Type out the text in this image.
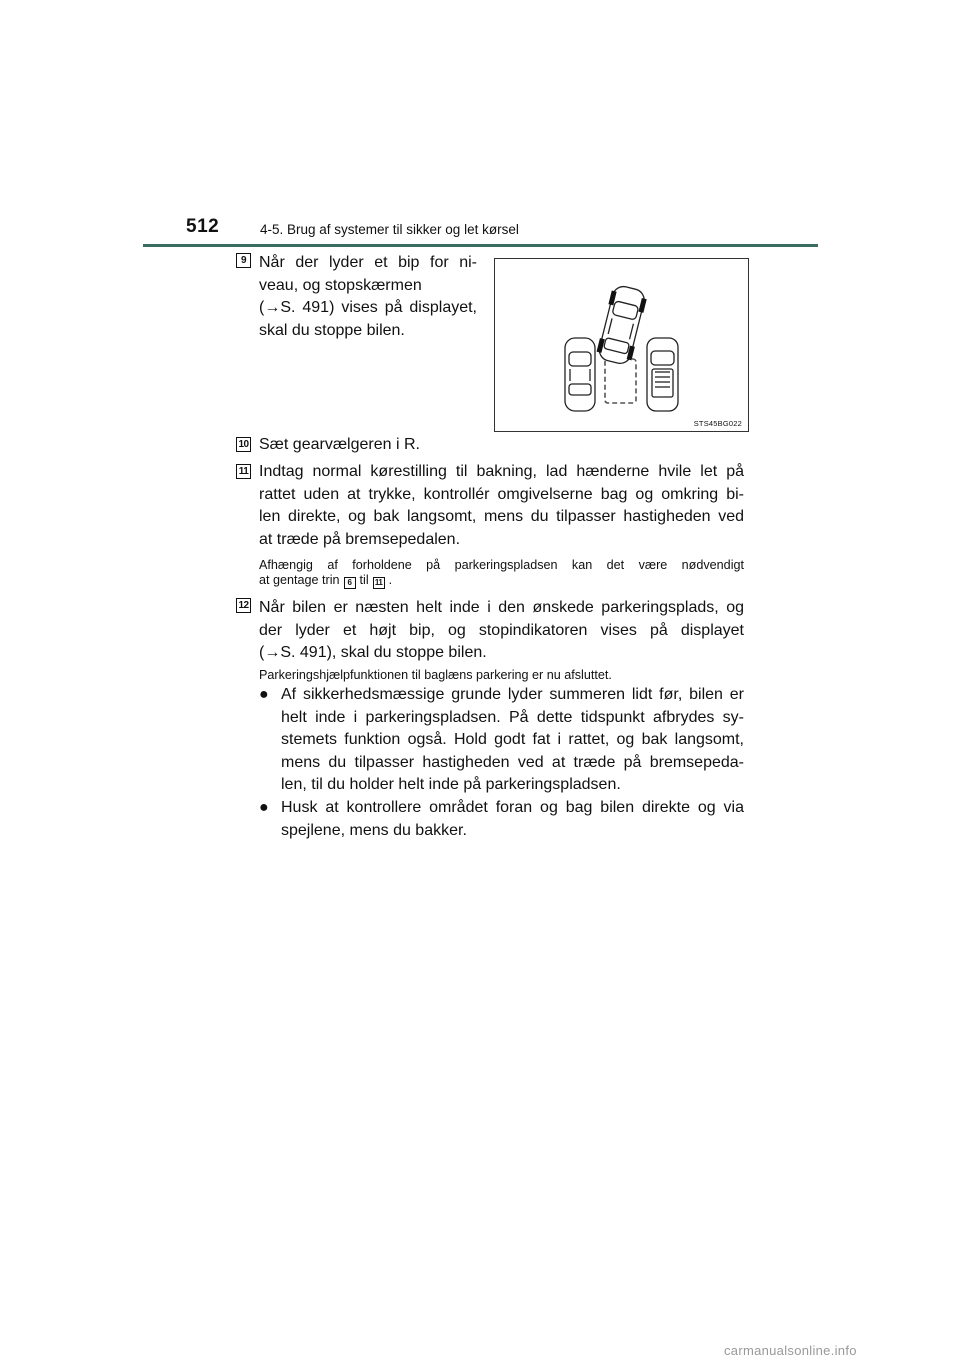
512	4-5. Brug af systemer til sikker og let kørsel
9 Når der lyder et bip for ni-
veau, og stopskærmen
(→S. 491) vises på displayet,
skal du stoppe bilen.
STS45BG022
10 Sæt gearvælgeren i R.
11 Indtag normal kørestilling til bakning, lad hænderne hvile let på
rattet uden at trykke, kontrollér omgivelserne bag og omkring bi-
len direkte, og bak langsomt, mens du tilpasser hastigheden ved
at træde på bremsepedalen.
Afhængig af forholdene på parkeringspladsen kan det være nødvendigt
at gentage trin 6 til 11 .
12 Når bilen er næsten helt inde i den ønskede parkeringsplads, og
der lyder et højt bip, og stopindikatoren vises på displayet
(→S. 491), skal du stoppe bilen.
Parkeringshjælpfunktionen til baglæns parkering er nu afsluttet.
● Af sikkerhedsmæssige grunde lyder summeren lidt før, bilen er
helt inde i parkeringspladsen. På dette tidspunkt afbrydes sy-
stemets funktion også. Hold godt fat i rattet, og bak langsomt,
mens du tilpasser hastigheden ved at træde på bremsepeda-
len, til du holder helt inde på parkeringspladsen.
● Husk at kontrollere området foran og bag bilen direkte og via
spejlene, mens du bakker.
carmanualsonline.info
